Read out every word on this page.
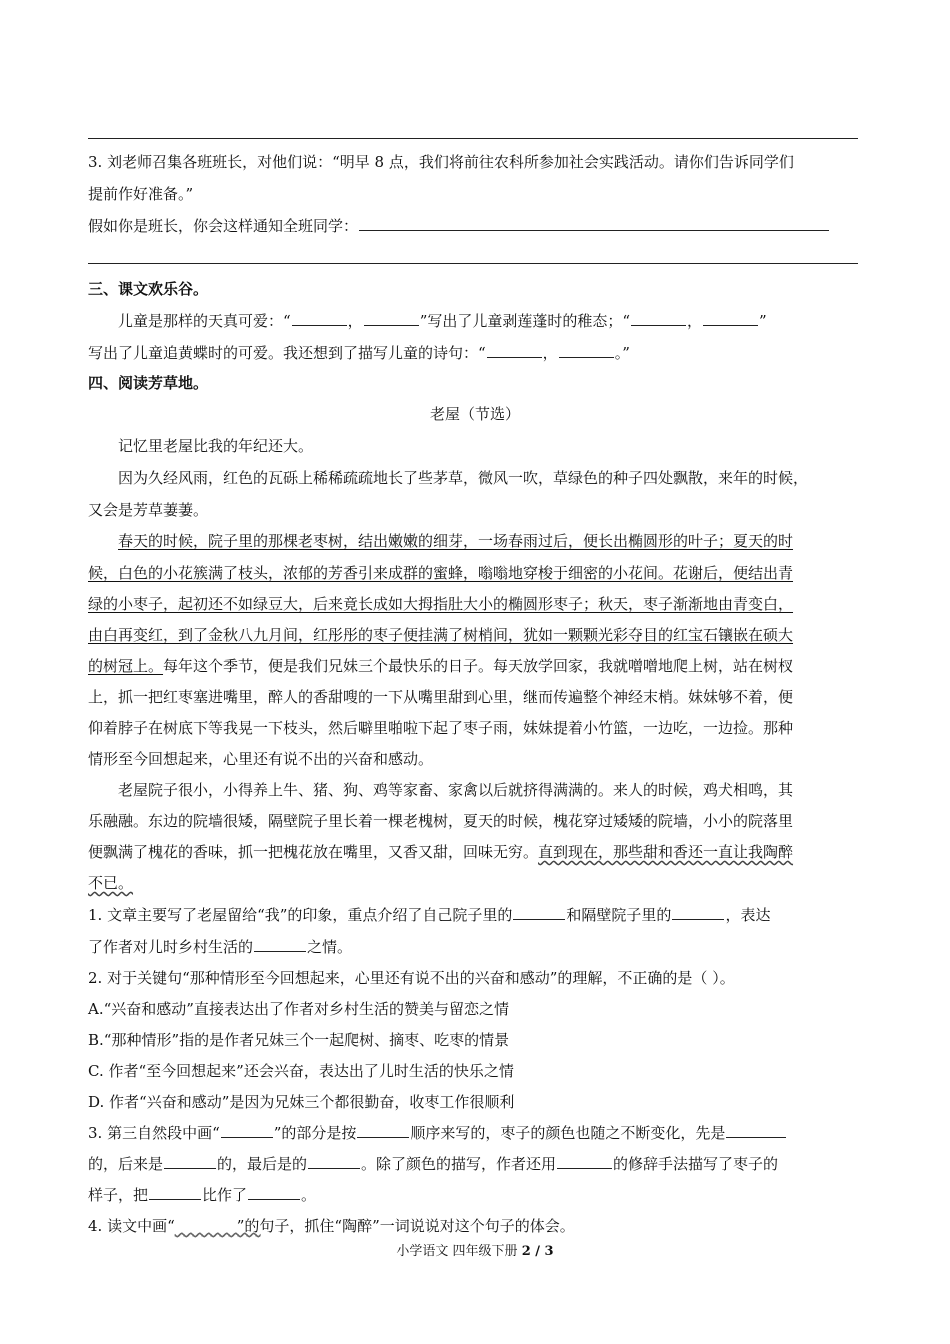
3. 刘老师召集各班班长，对他们说：“明早 8 点，我们将前往农科所参加社会实践活动。请你们告诉同学们
提前作好准备。”
假如你是班长，你会这样通知全班同学：
三、课文欢乐谷。
儿童是那样的天真可爱：“	，	”写出了儿童剥莲蓬时的稚态；“	，	”
写出了儿童追黄蝶时的可爱。我还想到了描写儿童的诗句：“	，	。”
四、阅读芳草地。
老屋（节选）
记忆里老屋比我的年纪还大。
因为久经风雨，红色的瓦砾上稀稀疏疏地长了些茅草，微风一吹，草绿色的种子四处飘散，来年的时候，
又会是芳草萋萋。
春天的时候，院子里的那棵老枣树，结出嫩嫩的细芽，一场春雨过后，便长出椭圆形的叶子；夏天的时
候，白色的小花簇满了枝头，浓郁的芳香引来成群的蜜蜂，嗡嗡地穿梭于细密的小花间。花谢后，便结出青
绿的小枣子，起初还不如绿豆大，后来竟长成如大拇指肚大小的椭圆形枣子；秋天，枣子渐渐地由青变白，
由白再变红，到了金秋八九月间，红彤彤的枣子便挂满了树梢间，犹如一颗颗光彩夺目的红宝石镶嵌在硕大
的树冠上。每年这个季节，便是我们兄妹三个最快乐的日子。每天放学回家，我就噌噌地爬上树，站在树杈
上，抓一把红枣塞进嘴里，醉人的香甜嗖的一下从嘴里甜到心里，继而传遍整个神经末梢。妹妹够不着，便
仰着脖子在树底下等我晃一下枝头，然后噼里啪啦下起了枣子雨，妹妹提着小竹篮，一边吃，一边捡。那种
情形至今回想起来，心里还有说不出的兴奋和感动。
老屋院子很小，小得养上牛、猪、狗、鸡等家畜、家禽以后就挤得满满的。来人的时候，鸡犬相鸣，其
乐融融。东边的院墙很矮，隔壁院子里长着一棵老槐树，夏天的时候，槐花穿过矮矮的院墙，小小的院落里
便飘满了槐花的香味，抓一把槐花放在嘴里，又香又甜，回味无穷。直到现在，那些甜和香还一直让我陶醉
不已。
1. 文章主要写了老屋留给“我”的印象，重点介绍了自己院子里的	和隔壁院子里的	，表达
了作者对儿时乡村生活的	之情。
2. 对于关键句“那种情形至今回想起来，心里还有说不出的兴奋和感动”的理解，不正确的是（ ）。
A.“兴奋和感动”直接表达出了作者对乡村生活的赞美与留恋之情
B.“那种情形”指的是作者兄妹三个一起爬树、摘枣、吃枣的情景
C. 作者“至今回想起来”还会兴奋，表达出了儿时生活的快乐之情
D. 作者“兴奋和感动”是因为兄妹三个都很勤奋，收枣工作很顺利
3. 第三自然段中画“	”的部分是按	顺序来写的，枣子的颜色也随之不断变化，先是
的，后来是	的，最后是的	。除了颜色的描写，作者还用	的修辞手法描写了枣子的
样子，把	比作了	。
4. 读文中画“	”的句子，抓住“陶醉”一词说说对这个句子的体会。
小学语文 四年级下册 2 / 3
